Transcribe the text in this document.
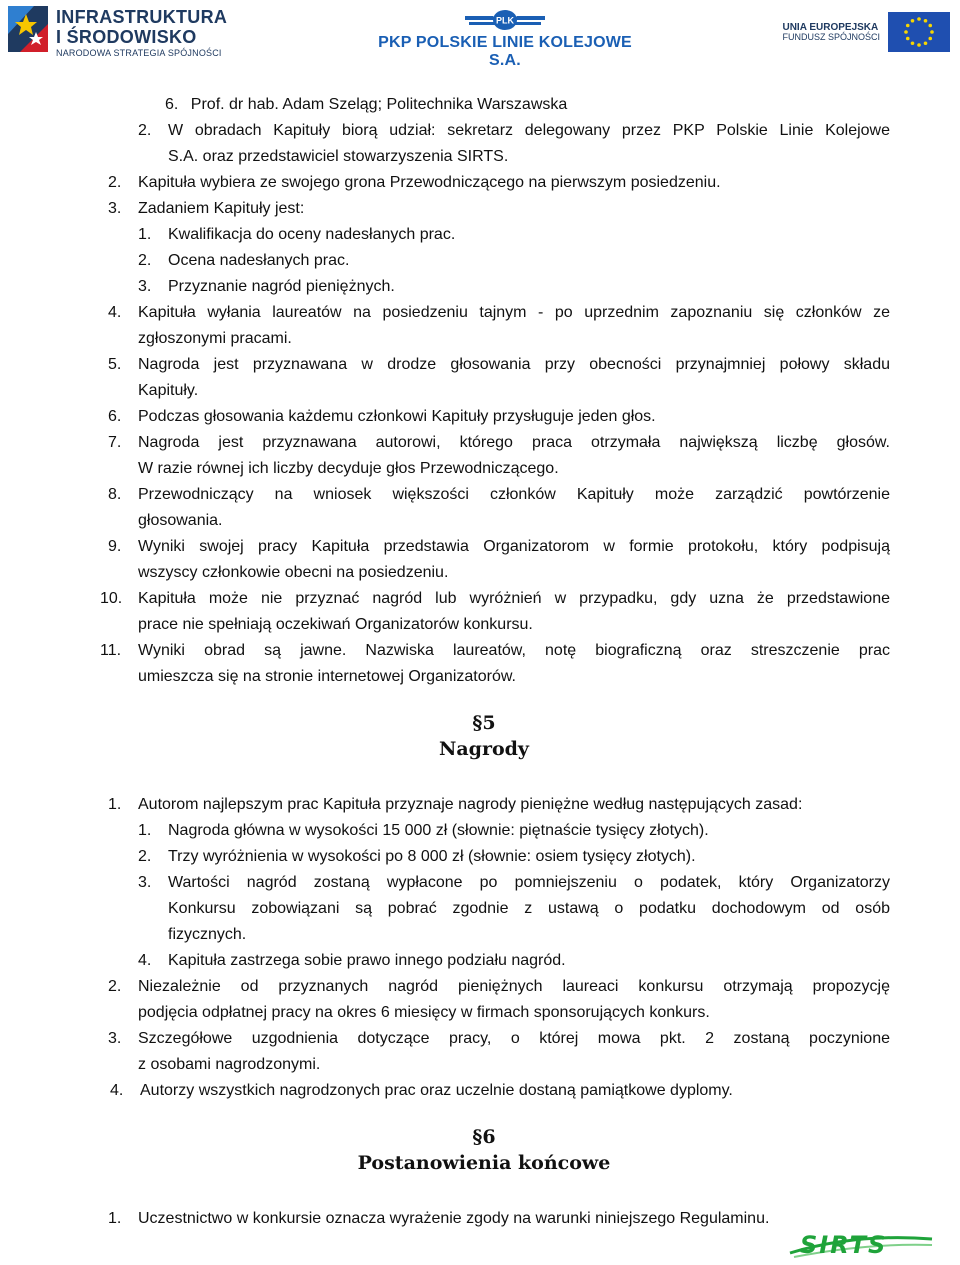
INFRASTRUKTURA
I ŚRODOWISKO
NARODOWA STRATEGIA SPÓJNOŚCI
PLK
PKP POLSKIE LINIE KOLEJOWE S.A.
UNIA EUROPEJSKA
FUNDUSZ SPÓJNOŚCI
6. Prof. dr hab. Adam Szeląg; Politechnika Warszawska
2. W obradach Kapituły biorą udział: sekretarz delegowany przez PKP Polskie Linie Kolejowe
S.A. oraz przedstawiciel stowarzyszenia SIRTS.
2. Kapituła wybiera ze swojego grona Przewodniczącego na pierwszym posiedzeniu.
3. Zadaniem Kapituły jest:
1. Kwalifikacja do oceny nadesłanych prac.
2. Ocena nadesłanych prac.
3. Przyznanie nagród pieniężnych.
4. Kapituła wyłania laureatów na posiedzeniu tajnym - po uprzednim zapoznaniu się członków ze
zgłoszonymi pracami.
5. Nagroda jest przyznawana w drodze głosowania przy obecności przynajmniej połowy składu
Kapituły.
6. Podczas głosowania każdemu członkowi Kapituły przysługuje jeden głos.
7. Nagroda jest przyznawana autorowi, którego praca otrzymała największą liczbę głosów.
W razie równej ich liczby decyduje głos Przewodniczącego.
8. Przewodniczący na wniosek większości członków Kapituły może zarządzić powtórzenie
głosowania.
9. Wyniki swojej pracy Kapituła przedstawia Organizatorom w formie protokołu, który podpisują
wszyscy członkowie obecni na posiedzeniu.
10. Kapituła może nie przyznać nagród lub wyróżnień w przypadku, gdy uzna że przedstawione
prace nie spełniają oczekiwań Organizatorów konkursu.
11. Wyniki obrad są jawne. Nazwiska laureatów, notę biograficzną oraz streszczenie prac
umieszcza się na stronie internetowej Organizatorów.
§5
Nagrody
1. Autorom najlepszym prac Kapituła przyznaje nagrody pieniężne według następujących zasad:
1. Nagroda główna w wysokości 15 000 zł (słownie: piętnaście tysięcy złotych).
2. Trzy wyróżnienia w wysokości po 8 000 zł (słownie: osiem tysięcy złotych).
3. Wartości nagród zostaną wypłacone po pomniejszeniu o podatek, który Organizatorzy
Konkursu zobowiązani są pobrać zgodnie z ustawą o podatku dochodowym od osób
fizycznych.
4. Kapituła zastrzega sobie prawo innego podziału nagród.
2. Niezależnie od przyznanych nagród pieniężnych laureaci konkursu otrzymają propozycję
podjęcia odpłatnej pracy na okres 6 miesięcy w firmach sponsorujących konkurs.
3. Szczegółowe uzgodnienia dotyczące pracy, o której mowa pkt. 2 zostaną poczynione
z osobami nagrodzonymi.
4. Autorzy wszystkich nagrodzonych prac oraz uczelnie dostaną pamiątkowe dyplomy.
§6
Postanowienia końcowe
1. Uczestnictwo w konkursie oznacza wyrażenie zgody na warunki niniejszego Regulaminu.
SIRTS
